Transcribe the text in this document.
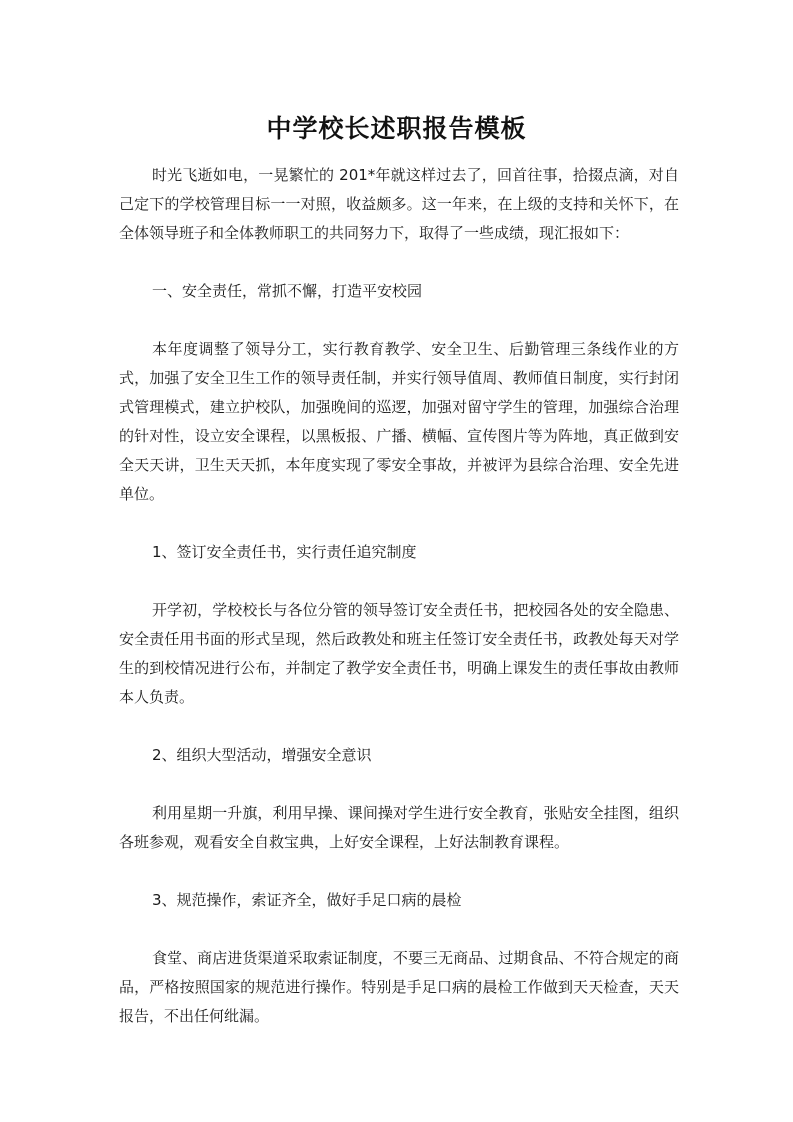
中学校长述职报告模板

时光飞逝如电，一晃繁忙的 201*年就这样过去了，回首往事，拾掇点滴，对自己定下的学校管理目标一一对照，收益颇多。这一年来，在上级的支持和关怀下，在全体领导班子和全体教师职工的共同努力下，取得了一些成绩，现汇报如下：

一、安全责任，常抓不懈，打造平安校园

本年度调整了领导分工，实行教育教学、安全卫生、后勤管理三条线作业的方式，加强了安全卫生工作的领导责任制，并实行领导值周、教师值日制度，实行封闭式管理模式，建立护校队，加强晚间的巡逻，加强对留守学生的管理，加强综合治理的针对性，设立安全课程，以黑板报、广播、横幅、宣传图片等为阵地，真正做到安全天天讲，卫生天天抓，本年度实现了零安全事故，并被评为县综合治理、安全先进单位。

1、签订安全责任书，实行责任追究制度

开学初，学校校长与各位分管的领导签订安全责任书，把校园各处的安全隐患、安全责任用书面的形式呈现，然后政教处和班主任签订安全责任书，政教处每天对学生的到校情况进行公布，并制定了教学安全责任书，明确上课发生的责任事故由教师本人负责。

2、组织大型活动，增强安全意识

利用星期一升旗，利用早操、课间操对学生进行安全教育，张贴安全挂图，组织各班参观，观看安全自救宝典，上好安全课程，上好法制教育课程。

3、规范操作，索证齐全，做好手足口病的晨检

食堂、商店进货渠道采取索证制度，不要三无商品、过期食品、不符合规定的商品，严格按照国家的规范进行操作。特别是手足口病的晨检工作做到天天检查，天天报告，不出任何纰漏。
